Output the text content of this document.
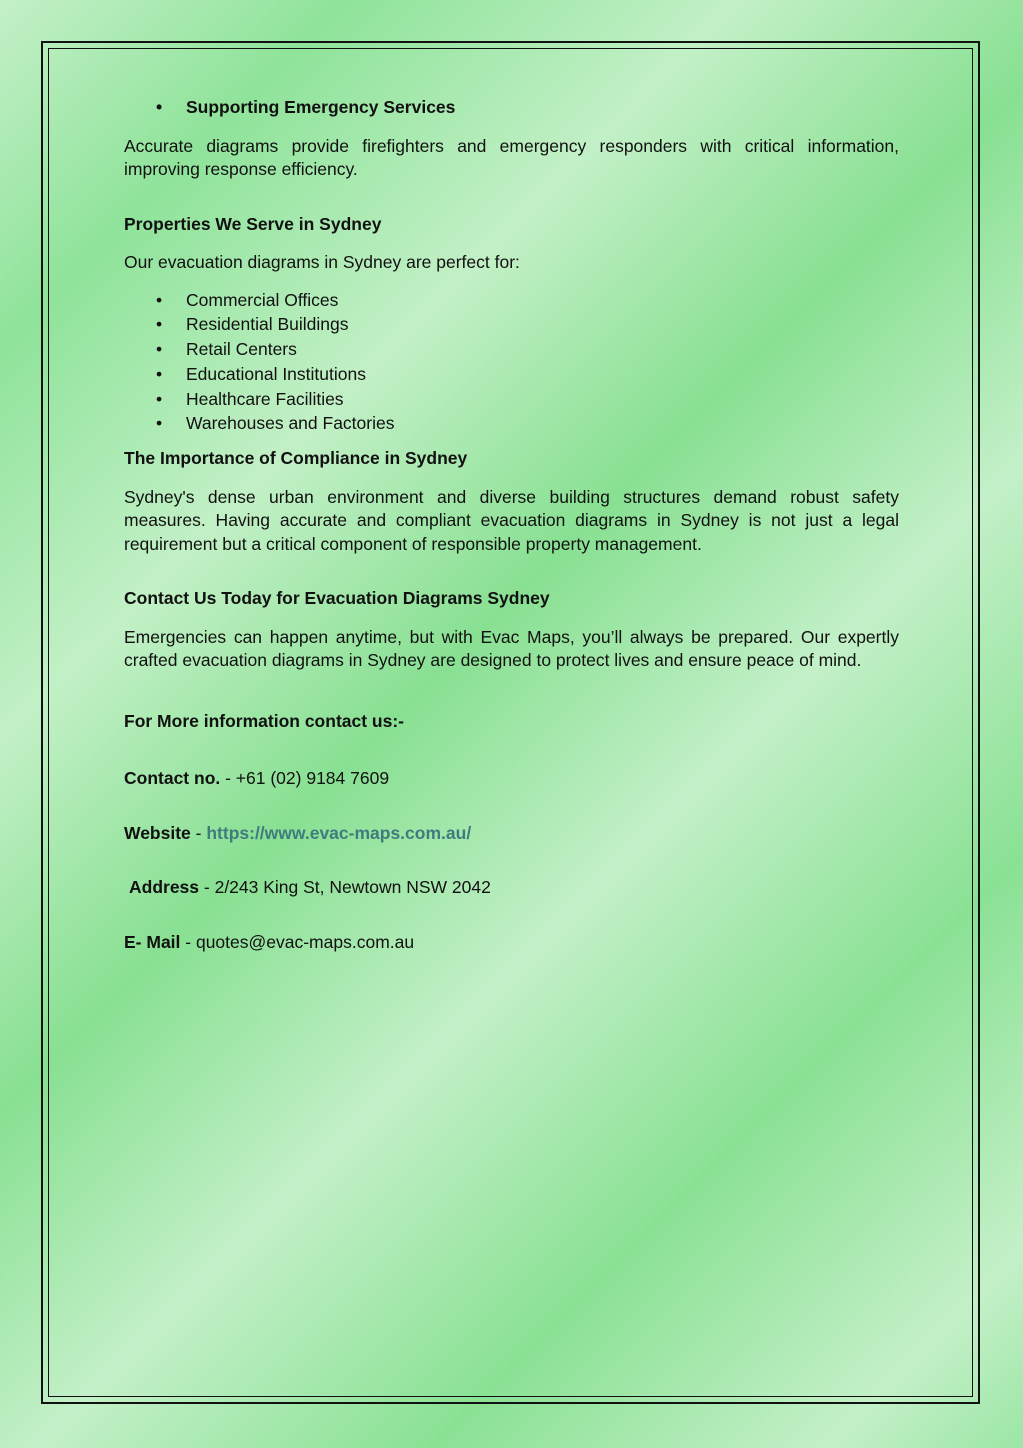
• Supporting Emergency Services

Accurate diagrams provide firefighters and emergency responders with critical information, improving response efficiency.

Properties We Serve in Sydney

Our evacuation diagrams in Sydney are perfect for:

• Commercial Offices
• Residential Buildings
• Retail Centers
• Educational Institutions
• Healthcare Facilities
• Warehouses and Factories
The Importance of Compliance in Sydney

Sydney's dense urban environment and diverse building structures demand robust safety measures. Having accurate and compliant evacuation diagrams in Sydney is not just a legal requirement but a critical component of responsible property management.

Contact Us Today for Evacuation Diagrams Sydney

Emergencies can happen anytime, but with Evac Maps, you’ll always be prepared. Our expertly crafted evacuation diagrams in Sydney are designed to protect lives and ensure peace of mind.

For More information contact us:-

Contact no. - +61 (02) 9184 7609

Website - https://www.evac-maps.com.au/

Address - 2/243 King St, Newtown NSW 2042

E- Mail - quotes@evac-maps.com.au
